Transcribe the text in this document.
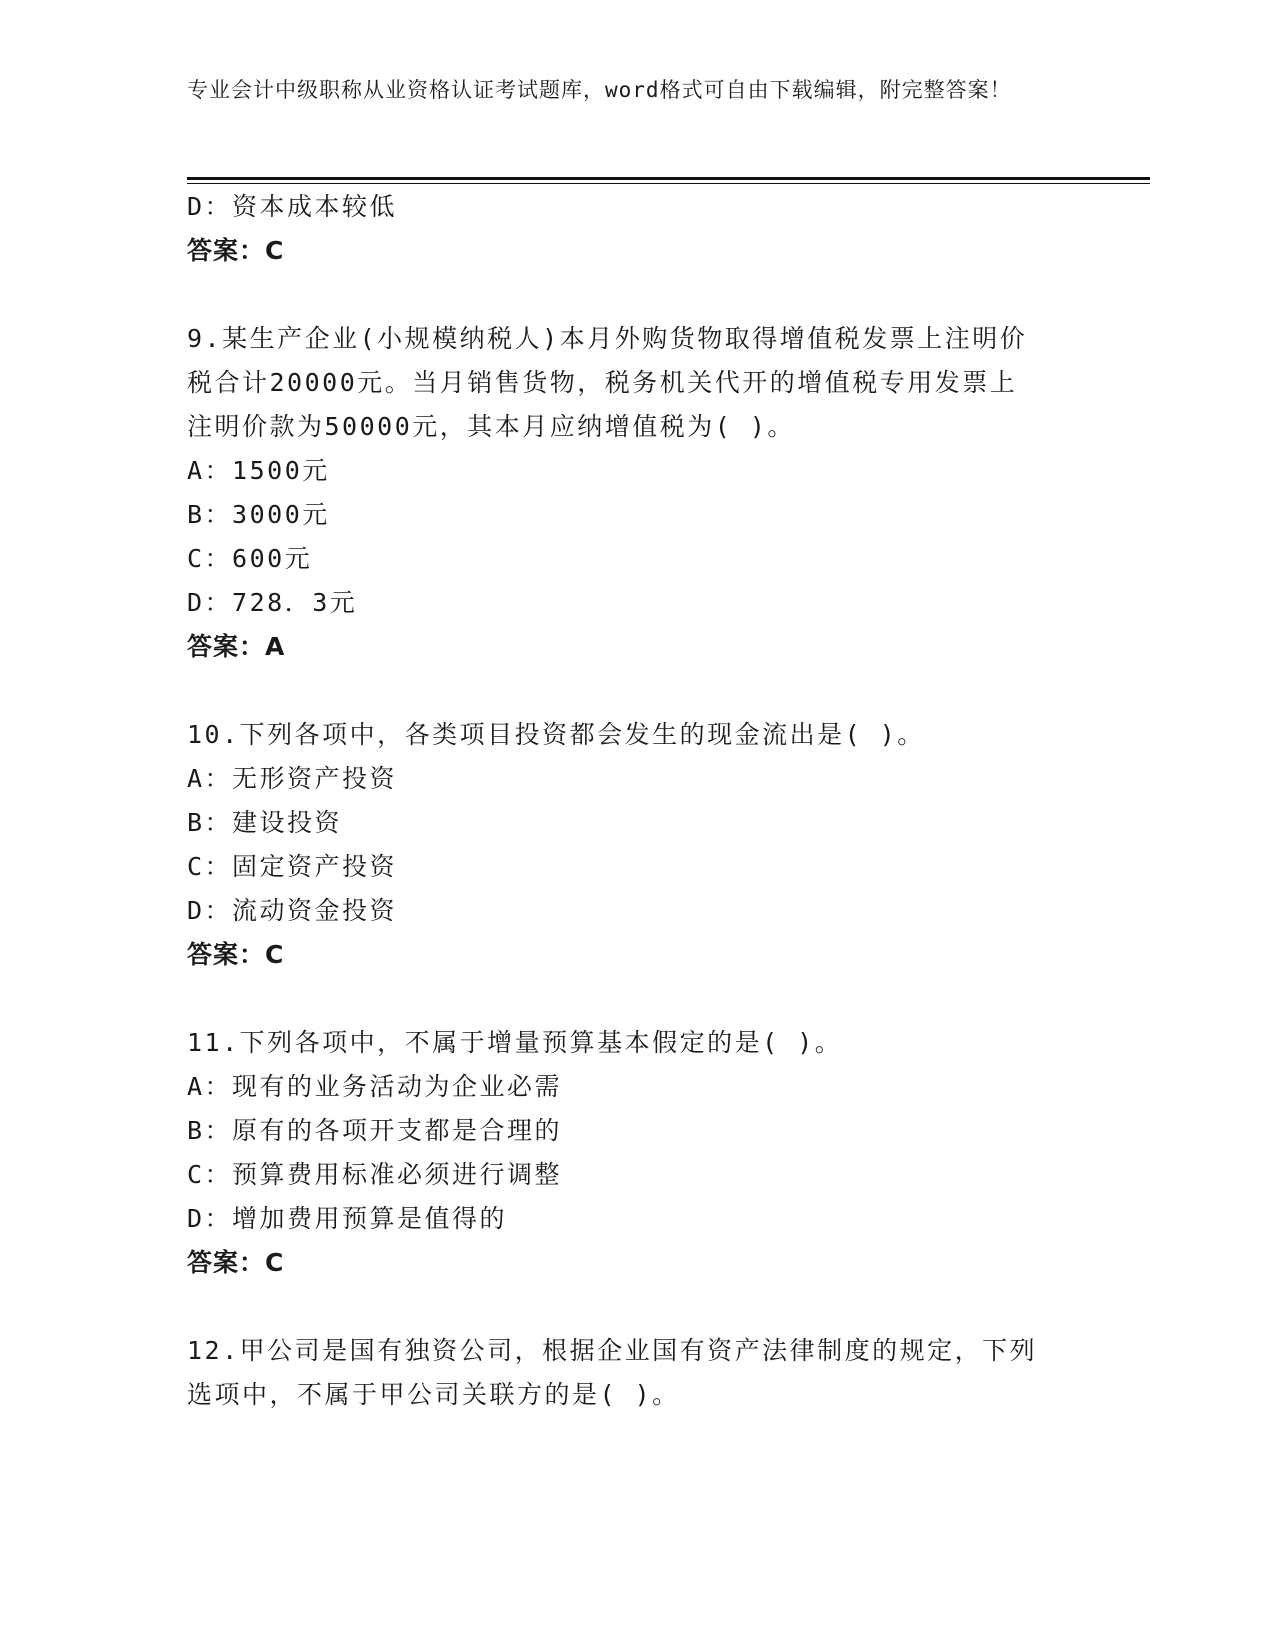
专业会计中级职称从业资格认证考试题库，word格式可自由下载编辑，附完整答案！
D：资本成本较低
答案：C
9.某生产企业(小规模纳税人)本月外购货物取得增值税发票上注明价
税合计20000元。当月销售货物，税务机关代开的增值税专用发票上
注明价款为50000元，其本月应纳增值税为( )。
A：1500元
B：3000元
C：600元
D：728．3元
答案：A
10.下列各项中，各类项目投资都会发生的现金流出是( )。
A：无形资产投资
B：建设投资
C：固定资产投资
D：流动资金投资
答案：C
11.下列各项中，不属于增量预算基本假定的是( )。
A：现有的业务活动为企业必需
B：原有的各项开支都是合理的
C：预算费用标准必须进行调整
D：增加费用预算是值得的
答案：C
12.甲公司是国有独资公司，根据企业国有资产法律制度的规定，下列
选项中，不属于甲公司关联方的是( )。
